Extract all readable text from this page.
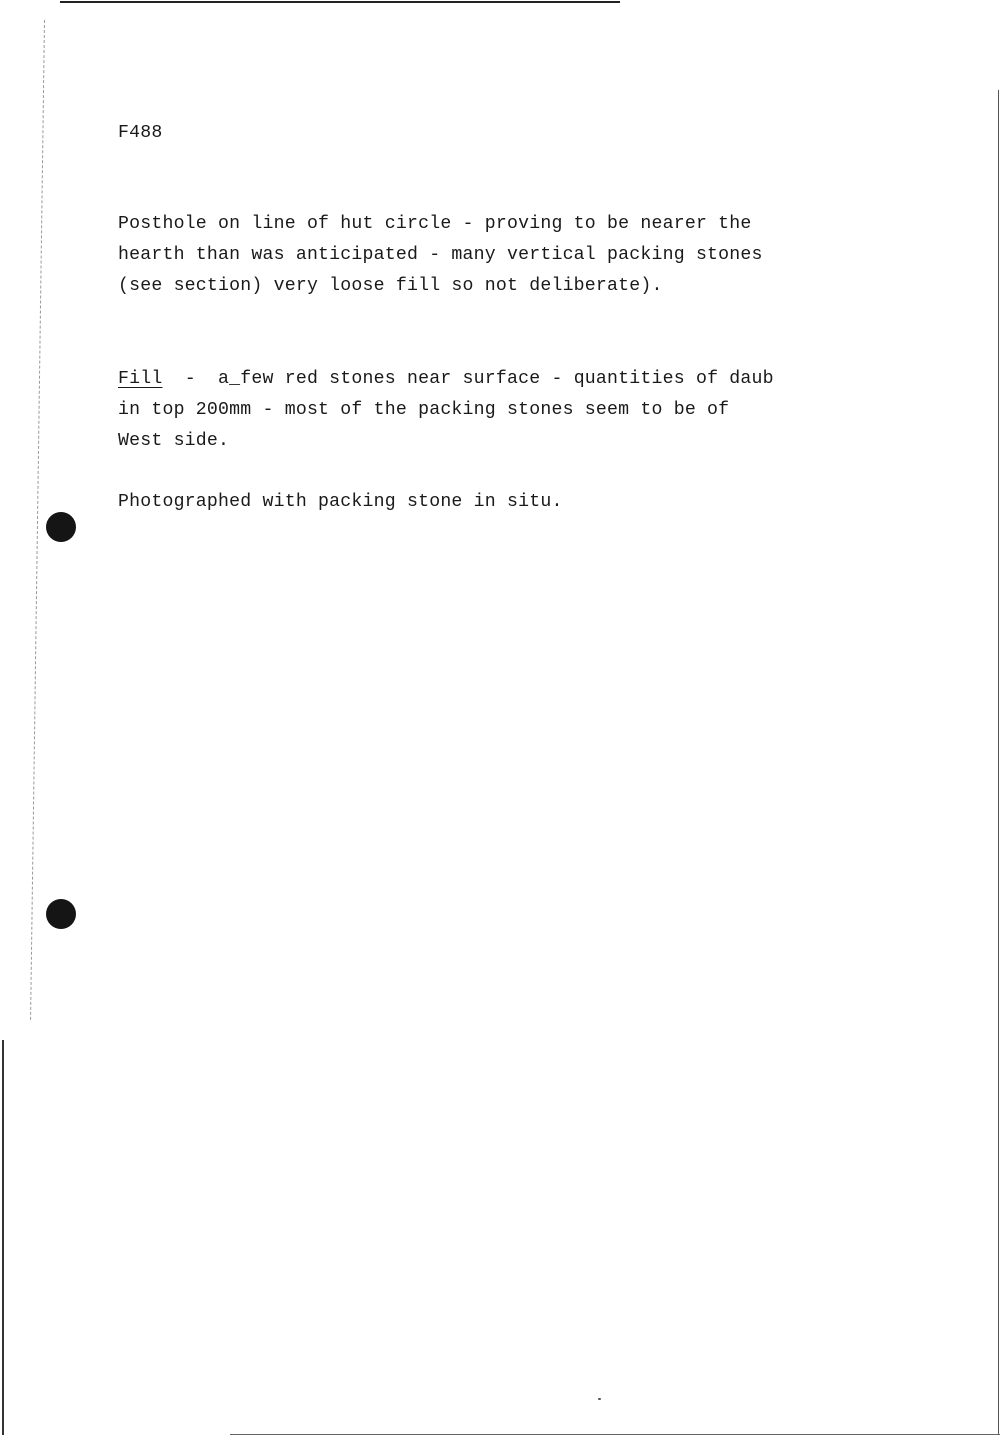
F488
Posthole on line of hut circle - proving to be nearer the
hearth than was anticipated - many vertical packing stones
(see section) very loose fill so not deliberate).
Fill  -  a_few red stones near surface - quantities of daub
in top 200mm - most of the packing stones seem to be of
West side.
Photographed with packing stone in situ.
